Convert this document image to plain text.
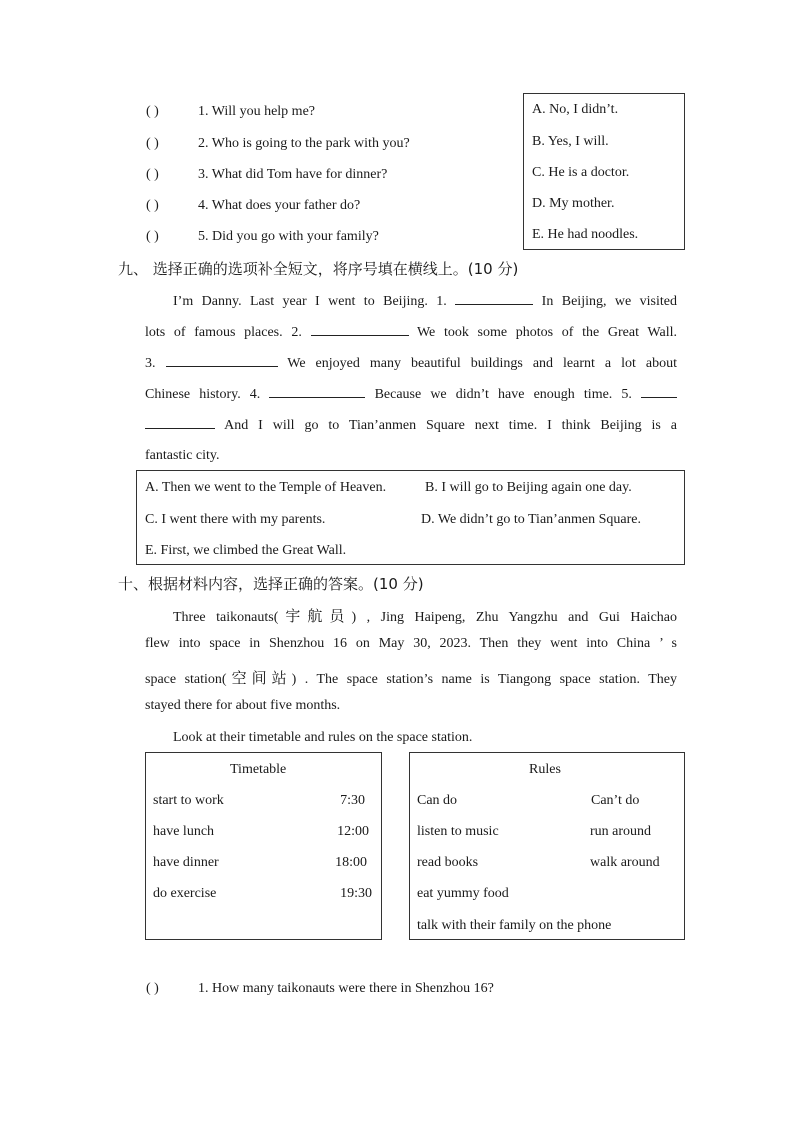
( )	1. Will you help me?
( )	2. Who is going to the park with you?
( )	3. What did Tom have for dinner?
( )	4. What does your father do?
( )	5. Did you go with your family?
A. No, I didn’t.
B. Yes, I will.
C. He is a doctor.
D. My mother.
E. He had noodles.
九、 选择正确的选项补全短文，将序号填在横线上。(10 分)
I’m Danny. Last year I went to Beijing. 1.	In Beijing, we visited
lots of famous places. 2.	We took some photos of the Great Wall.
3.	We enjoyed many beautiful buildings and learnt a lot about
Chinese history. 4.	Because we didn’t have enough time. 5.
And I will go to Tian’anmen Square next time. I think Beijing is a
fantastic city.
A. Then we went to the Temple of Heaven.	B. I will go to Beijing again one day.
C. I went there with my parents.	D. We didn’t go to Tian’anmen Square.
E. First, we climbed the Great Wall.
十、根据材料内容，选择正确的答案。(10 分)
Three taikonauts(宇航员) , Jing Haipeng, Zhu Yangzhu and Gui Haichao
flew into space in Shenzhou 16 on May 30, 2023. Then they went into China ’ s
space station(空间站) . The space station’s name is Tiangong space station. They
stayed there for about five months.
Look at their timetable and rules on the space station.
Timetable
start to work	7:30
have lunch	12:00
have dinner	18:00
do exercise	19:30
Rules
Can do	Can’t do
listen to music	run around
read books	walk around
eat yummy food
talk with their family on the phone
( )	1. How many taikonauts were there in Shenzhou 16?
